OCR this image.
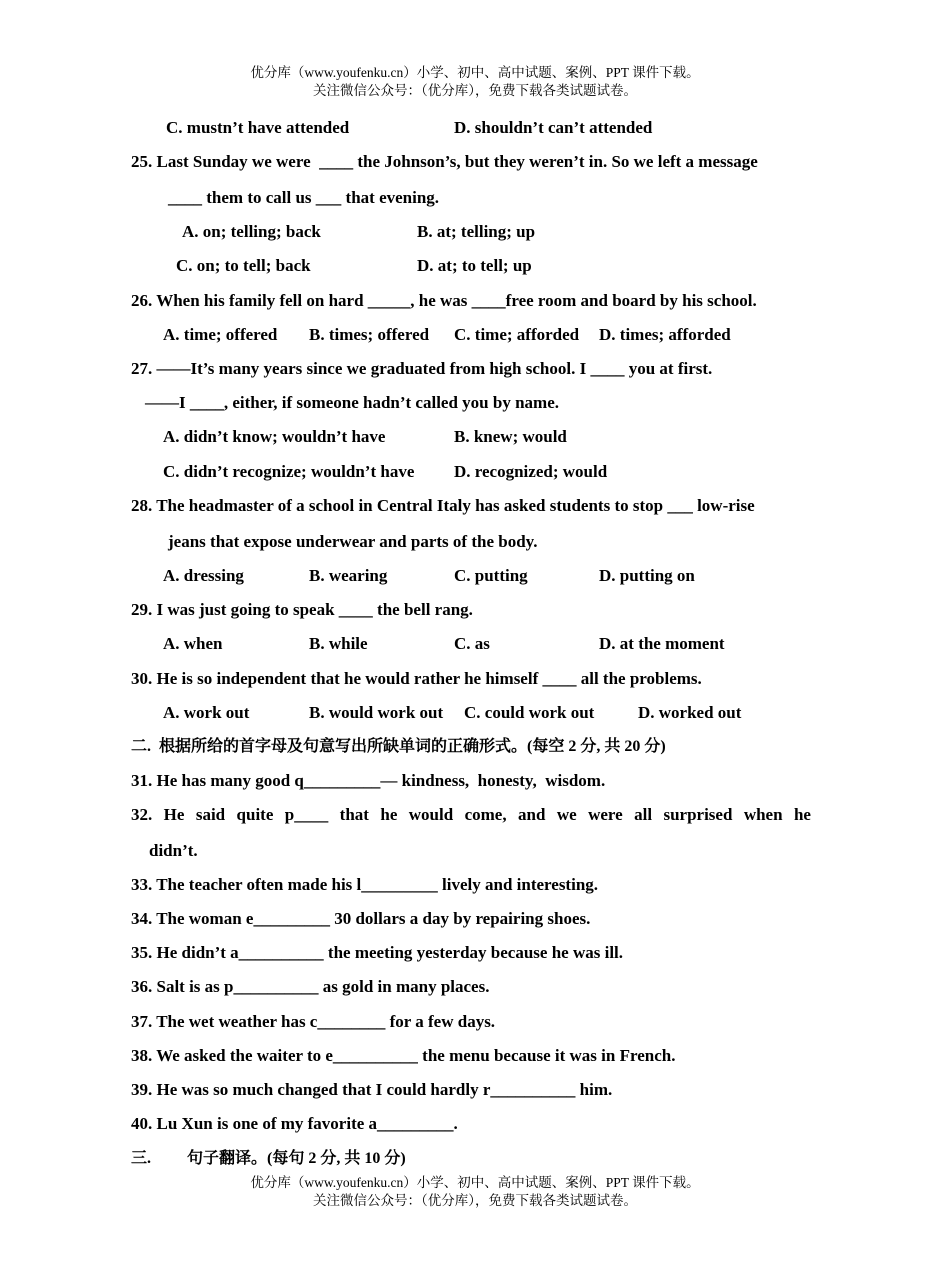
优分库（www.youfenku.cn）小学、初中、高中试题、案例、PPT 课件下载。
关注微信公众号：（优分库），免费下载各类试题试卷。
C. mustn’t have attended	D. shouldn’t can’t attended
25. Last Sunday we were  ____ the Johnson’s, but they weren’t in. So we left a message
____ them to call us ___ that evening.
A. on; telling; back	B. at; telling; up
C. on; to tell; back	D. at; to tell; up
26. When his family fell on hard _____, he was ____free room and board by his school.
A. time; offered B. times; offered C. time; afforded D. times; afforded
27. ——It’s many years since we graduated from high school. I ____ you at first.
——I ____, either, if someone hadn’t called you by name.
A. didn’t know; wouldn’t have	B. knew; would
C. didn’t recognize; wouldn’t have D. recognized; would
28. The headmaster of a school in Central Italy has asked students to stop ___ low-rise
jeans that expose underwear and parts of the body.
A. dressing	B. wearing	C. putting	D. putting on
29. I was just going to speak ____ the bell rang.
A. when	B. while	C. as	D. at the moment
30. He is so independent that he would rather he himself ____ all the problems.
A. work out	B. would work out C. could work out	D. worked out
二.  根据所给的首字母及句意写出所缺单词的正确形式。(每空 2 分, 共 20 分)
31. He has many good q_________— kindness,  honesty,  wisdom.
32. He said quite p____ that he would come, and we were all surprised when he
didn’t.
33. The teacher often made his l_________ lively and interesting.
34. The woman e_________ 30 dollars a day by repairing shoes.
35. He didn’t a__________ the meeting yesterday because he was ill.
36. Salt is as p__________ as gold in many places.
37. The wet weather has c________ for a few days.
38. We asked the waiter to e__________ the menu because it was in French.
39. He was so much changed that I could hardly r__________ him.
40. Lu Xun is one of my favorite a_________.
三. 句子翻译。(每句 2 分, 共 10 分)
优分库（www.youfenku.cn）小学、初中、高中试题、案例、PPT 课件下载。
关注微信公众号：（优分库），免费下载各类试题试卷。
